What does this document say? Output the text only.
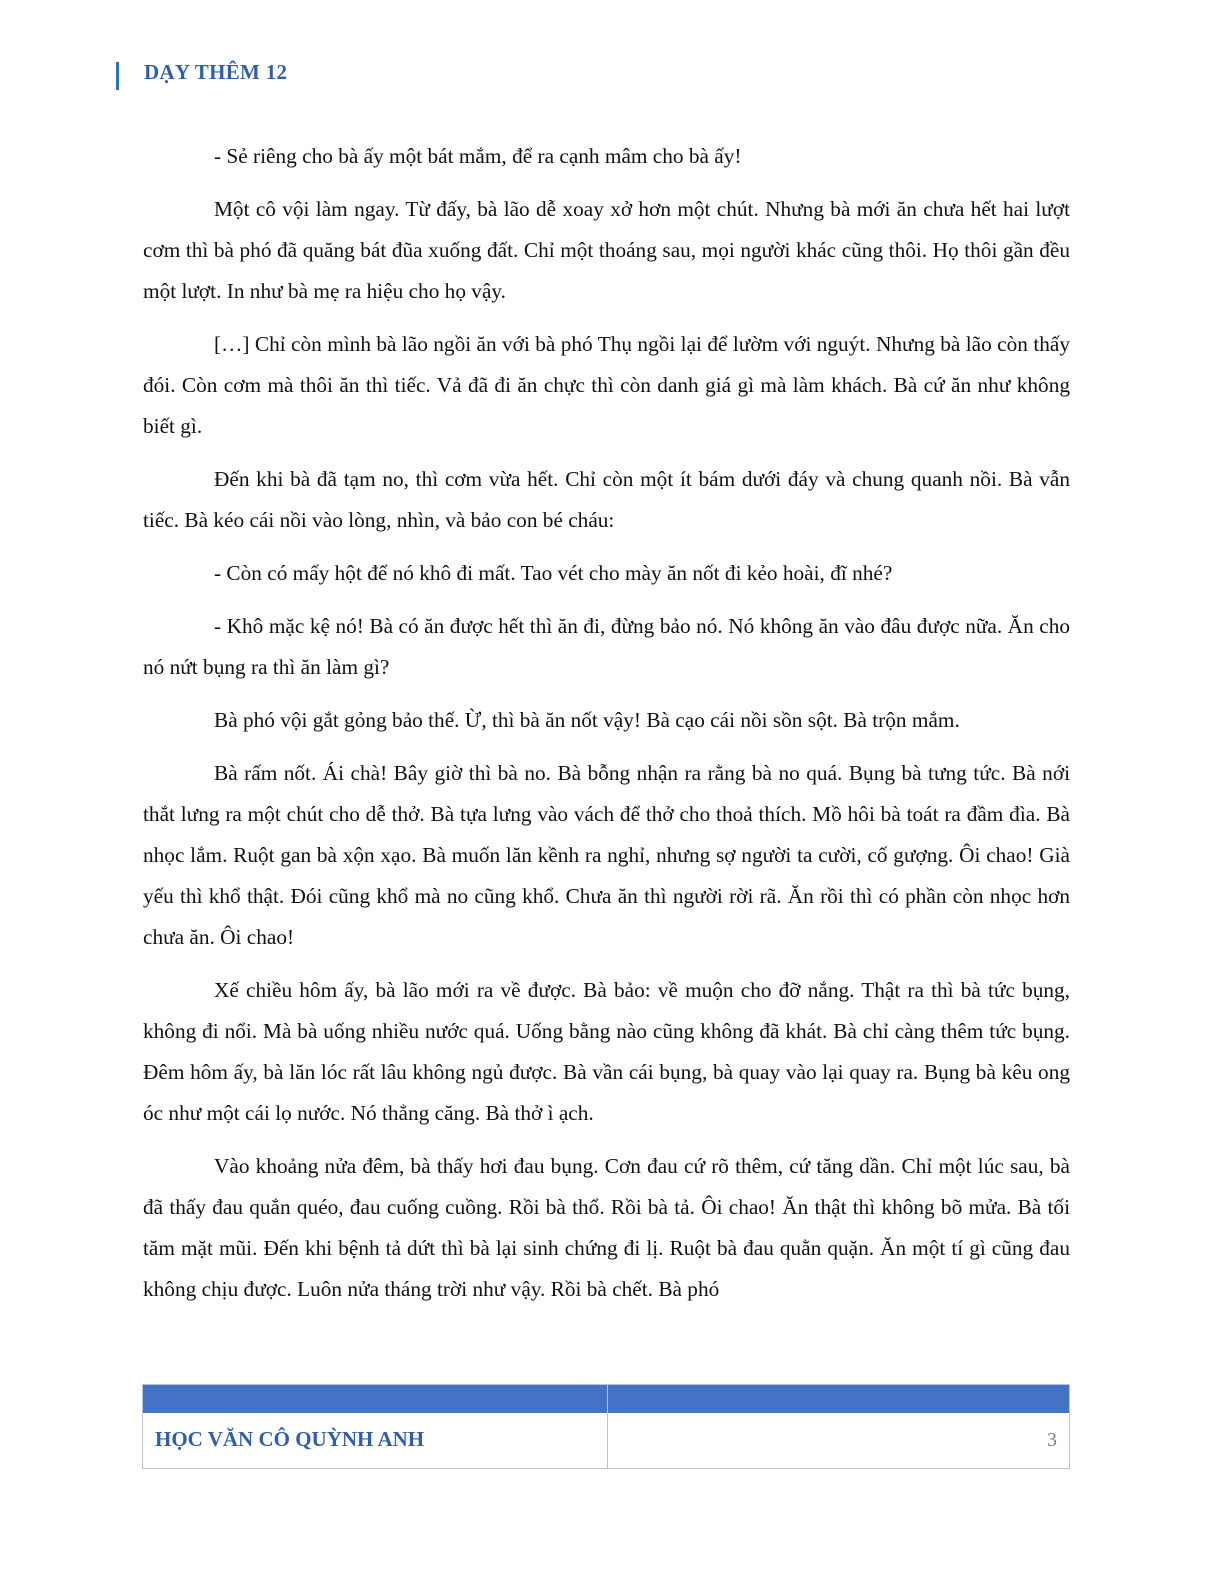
DẠY THÊM 12

- Sẻ riêng cho bà ấy một bát mắm, để ra cạnh mâm cho bà ấy!

Một cô vội làm ngay. Từ đấy, bà lão dễ xoay xở hơn một chút. Nhưng bà mới ăn chưa hết hai lượt cơm thì bà phó đã quăng bát đũa xuống đất. Chỉ một thoáng sau, mọi người khác cũng thôi. Họ thôi gần đều một lượt. In như bà mẹ ra hiệu cho họ vậy.

[…] Chỉ còn mình bà lão ngồi ăn với bà phó Thụ ngồi lại để lườm với nguýt. Nhưng bà lão còn thấy đói. Còn cơm mà thôi ăn thì tiếc. Vả đã đi ăn chực thì còn danh giá gì mà làm khách. Bà cứ ăn như không biết gì.

Đến khi bà đã tạm no, thì cơm vừa hết. Chỉ còn một ít bám dưới đáy và chung quanh nồi. Bà vẫn tiếc. Bà kéo cái nồi vào lòng, nhìn, và bảo con bé cháu:

- Còn có mấy hột để nó khô đi mất. Tao vét cho mày ăn nốt đi kẻo hoài, đĩ nhé?

- Khô mặc kệ nó! Bà có ăn được hết thì ăn đi, đừng bảo nó. Nó không ăn vào đâu được nữa. Ăn cho nó nứt bụng ra thì ăn làm gì?

Bà phó vội gắt gỏng bảo thế. Ừ, thì bà ăn nốt vậy! Bà cạo cái nồi sồn sột. Bà trộn mắm.

Bà rấm nốt. Ái chà! Bây giờ thì bà no. Bà bỗng nhận ra rằng bà no quá. Bụng bà tưng tức. Bà nới thắt lưng ra một chút cho dễ thở. Bà tựa lưng vào vách để thở cho thoả thích. Mồ hôi bà toát ra đầm đìa. Bà nhọc lắm. Ruột gan bà xộn xạo. Bà muốn lăn kềnh ra nghỉ, nhưng sợ người ta cười, cố gượng. Ôi chao! Già yếu thì khổ thật. Đói cũng khổ mà no cũng khổ. Chưa ăn thì người rời rã. Ăn rồi thì có phần còn nhọc hơn chưa ăn. Ôi chao!

Xế chiều hôm ấy, bà lão mới ra về được. Bà bảo: về muộn cho đỡ nắng. Thật ra thì bà tức bụng, không đi nổi. Mà bà uống nhiều nước quá. Uống bằng nào cũng không đã khát. Bà chỉ càng thêm tức bụng. Đêm hôm ấy, bà lăn lóc rất lâu không ngủ được. Bà vần cái bụng, bà quay vào lại quay ra. Bụng bà kêu ong óc như một cái lọ nước. Nó thẳng căng. Bà thở ì ạch.

Vào khoảng nửa đêm, bà thấy hơi đau bụng. Cơn đau cứ rõ thêm, cứ tăng dần. Chỉ một lúc sau, bà đã thấy đau quắn quéo, đau cuống cuồng. Rồi bà thổ. Rồi bà tả. Ôi chao! Ăn thật thì không bõ mửa. Bà tối tăm mặt mũi. Đến khi bệnh tả dứt thì bà lại sinh chứng đi lị. Ruột bà đau quằn quặn. Ăn một tí gì cũng đau không chịu được. Luôn nửa tháng trời như vậy. Rồi bà chết. Bà phó

HỌC VĂN CÔ QUỲNH ANH	3
